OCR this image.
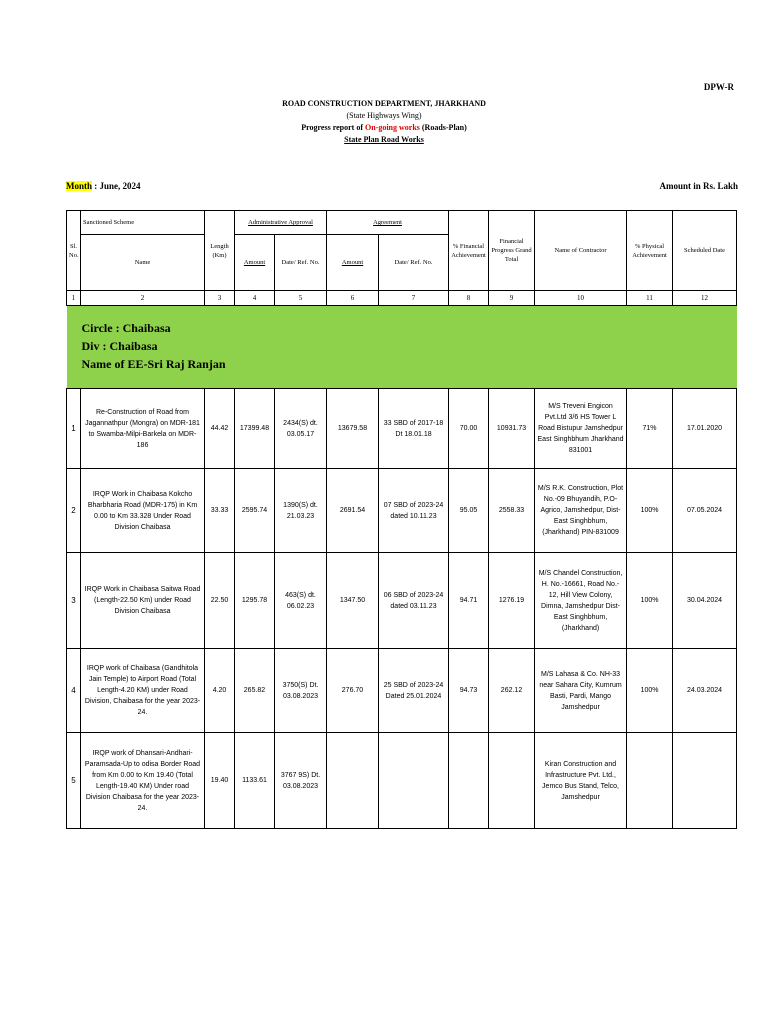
DPW-R
ROAD CONSTRUCTION DEPARTMENT, JHARKHAND
(State Highways Wing)
Progress report of On-going works (Roads-Plan)
State Plan Road Works
Month : June, 2024	Amount in Rs. Lakh
Sl. No.	Sanctioned Scheme	Length (Km)	Administrative Approval		Agreement		% Financial Achievement	Financial Progress Grand Total	Name of Contractor	% Physical Achievement	Scheduled Date
	Name		Amount	Date/ Ref. No.	Amount	Date/ Ref. No.					
1	2	3	4	5	6	7	8	9	10	11	12

Circle : Chaibasa
Div : Chaibasa
Name of EE-Sri Raj Ranjan											

1	Re-Construction of Road from Jagannathpur (Mongra) on MDR-181 to Swamba-Milpi-Barkela on MDR-186	44.42	17399.48	2434(S) dt. 03.05.17	13679.58	33 SBD of 2017-18 Dt 18.01.18	70.00	10931.73	M/S Treveni Engicon Pvt.Ltd 3/6 HS Tower L Road Bistupur Jamshedpur East Singhbhum Jharkhand 831001	71%	17.01.2020
2	IRQP Work in Chaibasa Kokcho Bharbharia Road (MDR-175) in Km 0.00 to Km 33.328 Under Road Division Chaibasa	33.33	2595.74	1390(S) dt. 21.03.23	2691.54	07 SBD of 2023-24 dated 10.11.23	95.05	2558.33	M/S R.K. Construction, Plot No.-09 Bhuyandih, P.O-Agrico, Jamshedpur, Dist-East Singhbhum, (Jharkhand) PIN-831009	100%	07.05.2024
3	IRQP Work in Chaibasa Saitwa Road (Length-22.50 Km) under Road Division Chaibasa	22.50	1295.78	463(S) dt. 06.02.23	1347.50	06 SBD of 2023-24 dated 03.11.23	94.71	1276.19	M/S Chandel Construction, H. No.-16661, Road No.- 12, Hill View Colony, Dimna, Jamshedpur Dist- East Singhbhum, (Jharkhand)	100%	30.04.2024
4	IRQP work of Chaibasa (Gandhitola Jain Temple) to Airport Road (Total Length-4.20 KM) under Road Division, Chaibasa for the year 2023-24.	4.20	265.82	3750(S) Dt. 03.08.2023	276.70	25 SBD of 2023-24 Dated 25.01.2024	94.73	262.12	M/S Lahasa & Co. NH-33 near Sahara City, Kumrum Basti, Pardi, Mango Jamshedpur	100%	24.03.2024
5	IRQP work of Dhansari-Andhari-Paramsada-Up to odisa Border Road from Km 0.00 to Km 19.40 (Total Length-19.40 KM) Under road Division Chaibasa for the year 2023-24.	19.40	1133.61	3767 9S) Dt. 03.08.2023					Kiran Construction and Infrastructure Pvt. Ltd., Jemco Bus Stand, Telco, Jamshedpur		
